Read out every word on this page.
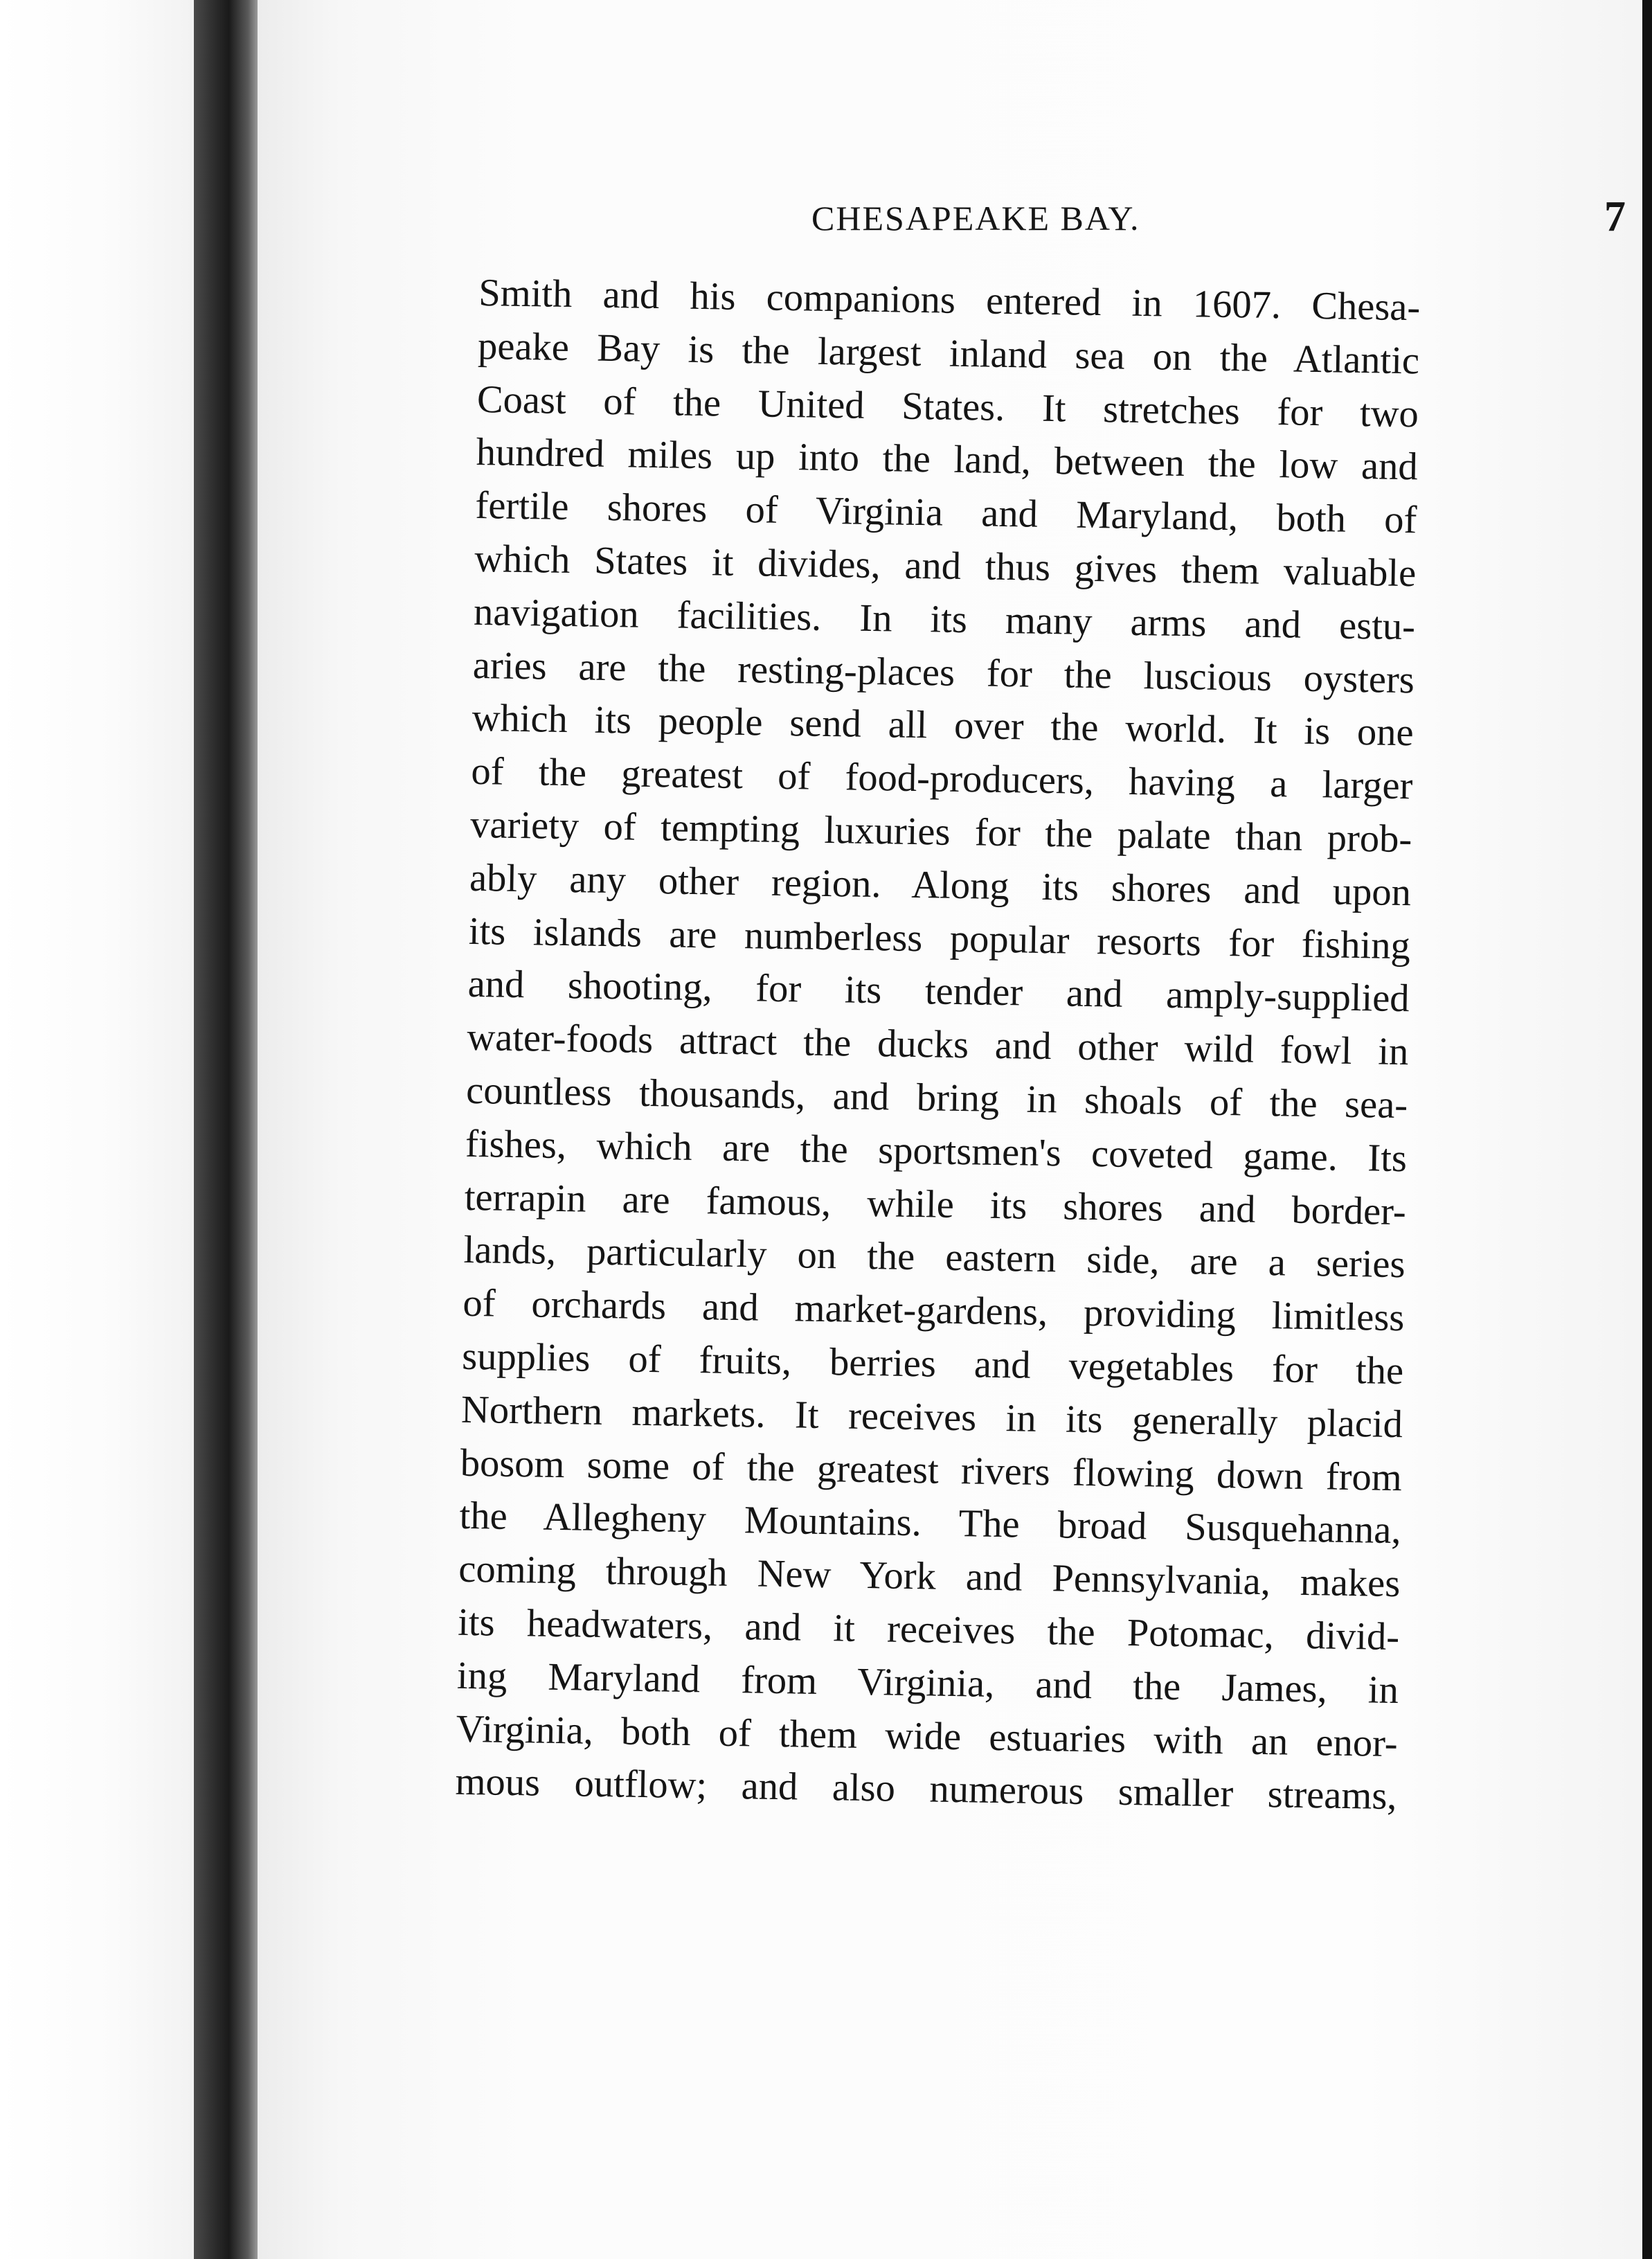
CHESAPEAKE BAY.	7
Smith and his companions entered in 1607. Chesa-
peake Bay is the largest inland sea on the Atlantic
Coast of the United States. It stretches for two
hundred miles up into the land, between the low and
fertile shores of Virginia and Maryland, both of
which States it divides, and thus gives them valuable
navigation facilities. In its many arms and estu-
aries are the resting-places for the luscious oysters
which its people send all over the world. It is one
of the greatest of food-producers, having a larger
variety of tempting luxuries for the palate than prob-
ably any other region. Along its shores and upon
its islands are numberless popular resorts for fishing
and shooting, for its tender and amply-supplied
water-foods attract the ducks and other wild fowl in
countless thousands, and bring in shoals of the sea-
fishes, which are the sportsmen's coveted game. Its
terrapin are famous, while its shores and border-
lands, particularly on the eastern side, are a series
of orchards and market-gardens, providing limitless
supplies of fruits, berries and vegetables for the
Northern markets. It receives in its generally placid
bosom some of the greatest rivers flowing down from
the Allegheny Mountains. The broad Susquehanna,
coming through New York and Pennsylvania, makes
its headwaters, and it receives the Potomac, divid-
ing Maryland from Virginia, and the James, in
Virginia, both of them wide estuaries with an enor-
mous outflow; and also numerous smaller streams,
